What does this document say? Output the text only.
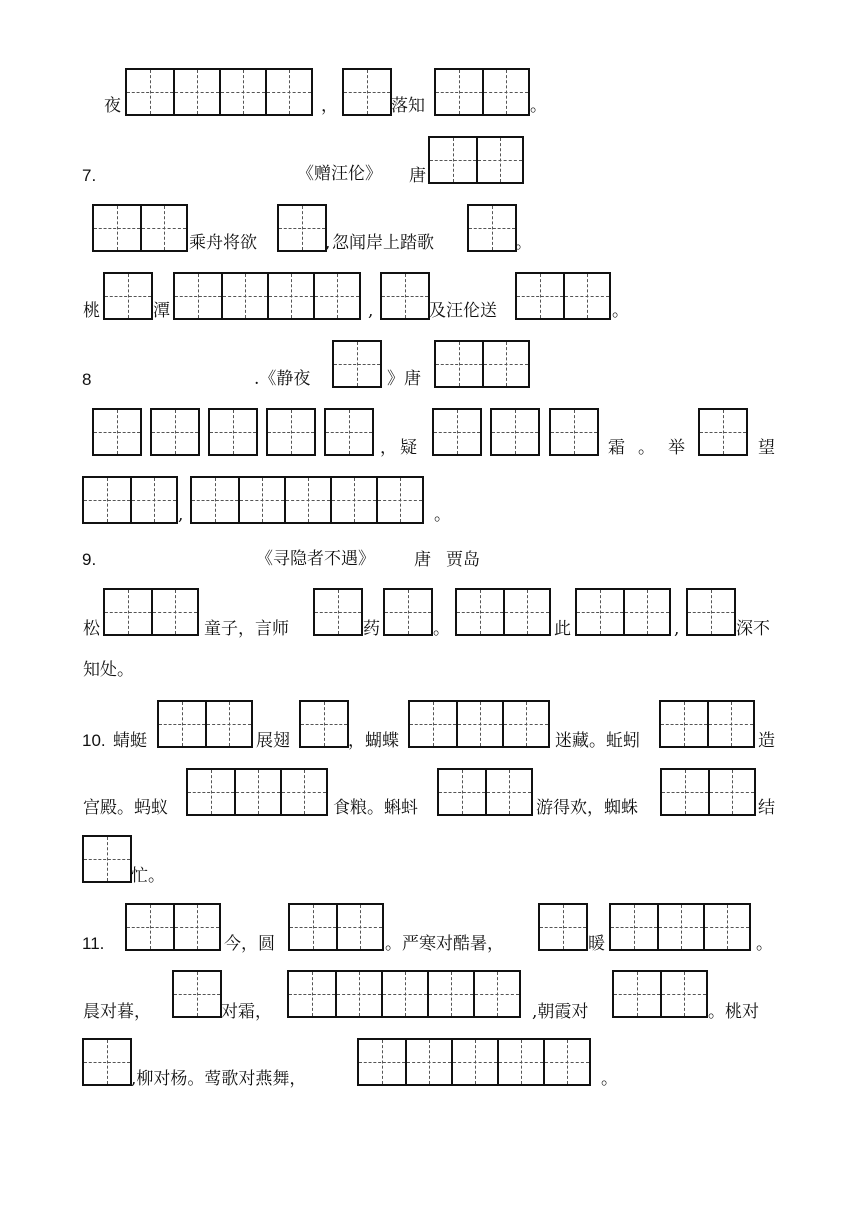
夜	，	落知	。
7.	《赠汪伦》 唐
乘舟将欲	, 忽闻岸上踏歌	。
桃	潭	,	及汪伦送	。
8	.《静夜	》唐
， 疑	霜 。 举	望
,	。
9.	《寻隐者不遇》 唐 贾岛
松	童子，言师	药	。	此	,	深不
知处。
10. 蜻蜓	展翅	，蝴蝶	迷藏。蚯蚓	造
宫殿。蚂蚁	食粮。蝌蚪	游得欢，蜘蛛	结
忙。
11.	今，圆	。严寒对酷暑，	暖	。
晨对暮，	对霜，	,朝霞对	。桃对
,柳对杨。莺歌对燕舞，	。
